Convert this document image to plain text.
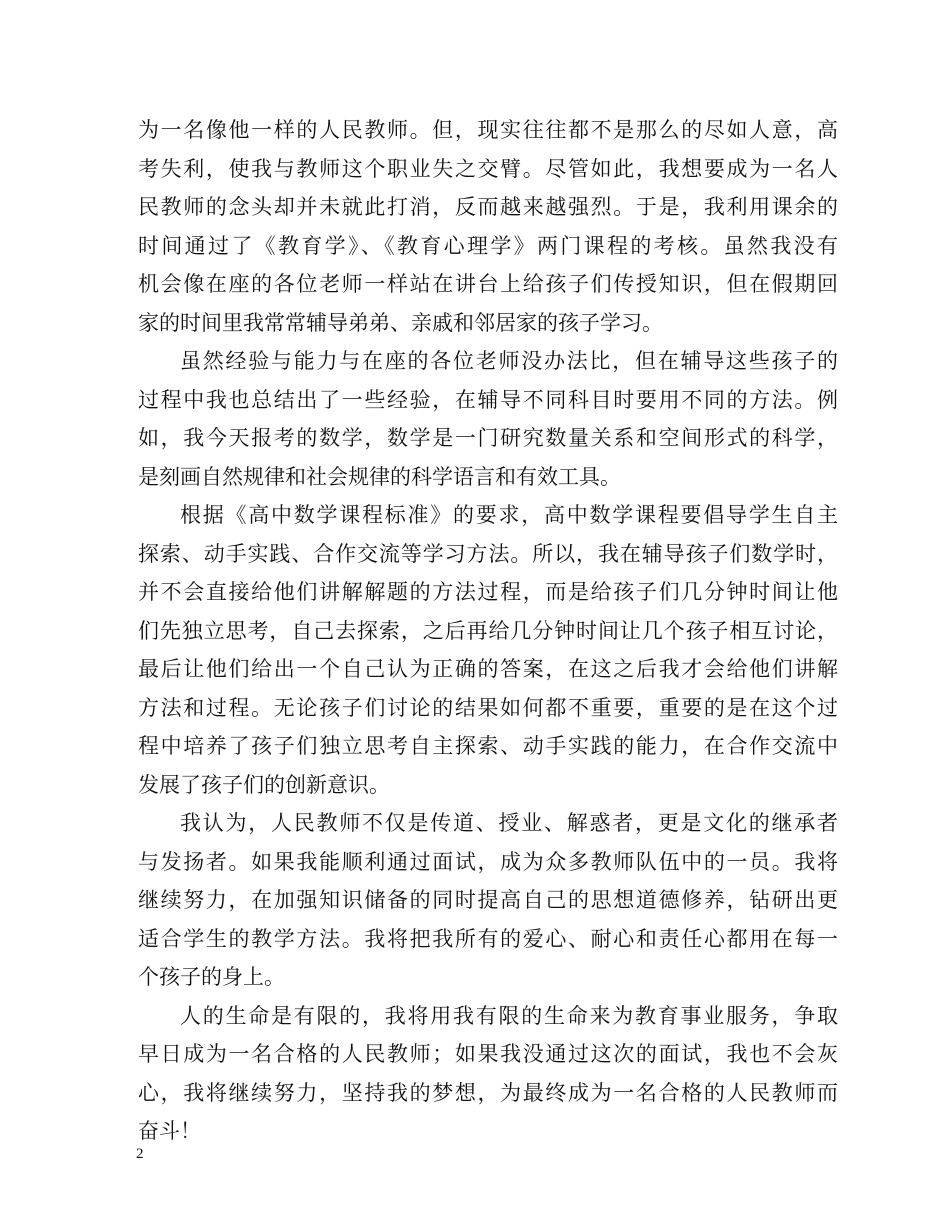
为一名像他一样的人民教师。但，现实往往都不是那么的尽如人意，高
考失利，使我与教师这个职业失之交臂。尽管如此，我想要成为一名人
民教师的念头却并未就此打消，反而越来越强烈。于是，我利用课余的
时间通过了《教育学》、《教育心理学》两门课程的考核。虽然我没有
机会像在座的各位老师一样站在讲台上给孩子们传授知识，但在假期回
家的时间里我常常辅导弟弟、亲戚和邻居家的孩子学习。

虽然经验与能力与在座的各位老师没办法比，但在辅导这些孩子的
过程中我也总结出了一些经验，在辅导不同科目时要用不同的方法。例
如，我今天报考的数学，数学是一门研究数量关系和空间形式的科学，
是刻画自然规律和社会规律的科学语言和有效工具。

根据《高中数学课程标准》的要求，高中数学课程要倡导学生自主
探索、动手实践、合作交流等学习方法。所以，我在辅导孩子们数学时，
并不会直接给他们讲解解题的方法过程，而是给孩子们几分钟时间让他
们先独立思考，自己去探索，之后再给几分钟时间让几个孩子相互讨论，
最后让他们给出一个自己认为正确的答案，在这之后我才会给他们讲解
方法和过程。无论孩子们讨论的结果如何都不重要，重要的是在这个过
程中培养了孩子们独立思考自主探索、动手实践的能力，在合作交流中
发展了孩子们的创新意识。

我认为，人民教师不仅是传道、授业、解惑者，更是文化的继承者
与发扬者。如果我能顺利通过面试，成为众多教师队伍中的一员。我将
继续努力，在加强知识储备的同时提高自己的思想道德修养，钻研出更
适合学生的教学方法。我将把我所有的爱心、耐心和责任心都用在每一
个孩子的身上。

人的生命是有限的，我将用我有限的生命来为教育事业服务，争取
早日成为一名合格的人民教师；如果我没通过这次的面试，我也不会灰
心，我将继续努力，坚持我的梦想，为最终成为一名合格的人民教师而
奋斗！

2
